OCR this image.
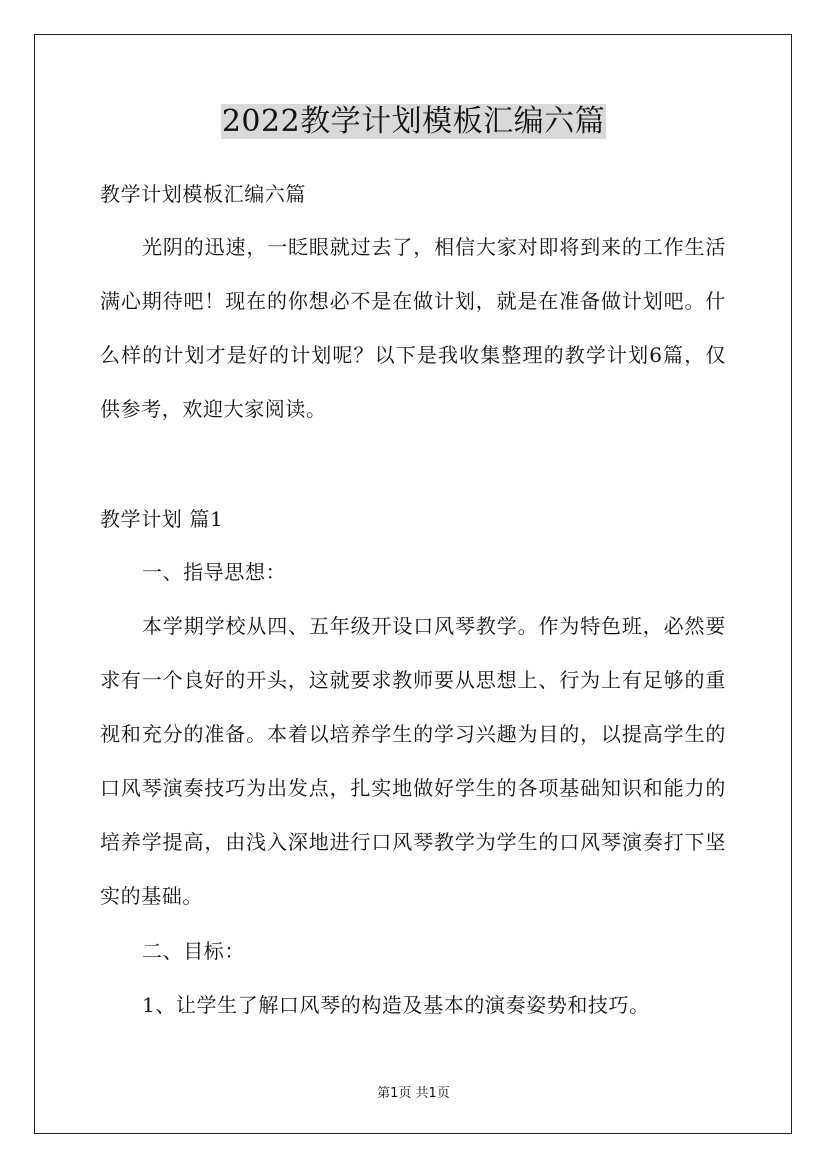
2022教学计划模板汇编六篇
教学计划模板汇编六篇
光阴的迅速，一眨眼就过去了，相信大家对即将到来的工作生活
满心期待吧！现在的你想必不是在做计划，就是在准备做计划吧。什
么样的计划才是好的计划呢？以下是我收集整理的教学计划6篇，仅
供参考，欢迎大家阅读。
教学计划 篇1
一、指导思想：
本学期学校从四、五年级开设口风琴教学。作为特色班，必然要
求有一个良好的开头，这就要求教师要从思想上、行为上有足够的重
视和充分的准备。本着以培养学生的学习兴趣为目的，以提高学生的
口风琴演奏技巧为出发点，扎实地做好学生的各项基础知识和能力的
培养学提高，由浅入深地进行口风琴教学为学生的口风琴演奏打下坚
实的基础。
二、目标：
1、让学生了解口风琴的构造及基本的演奏姿势和技巧。
第1页 共1页
